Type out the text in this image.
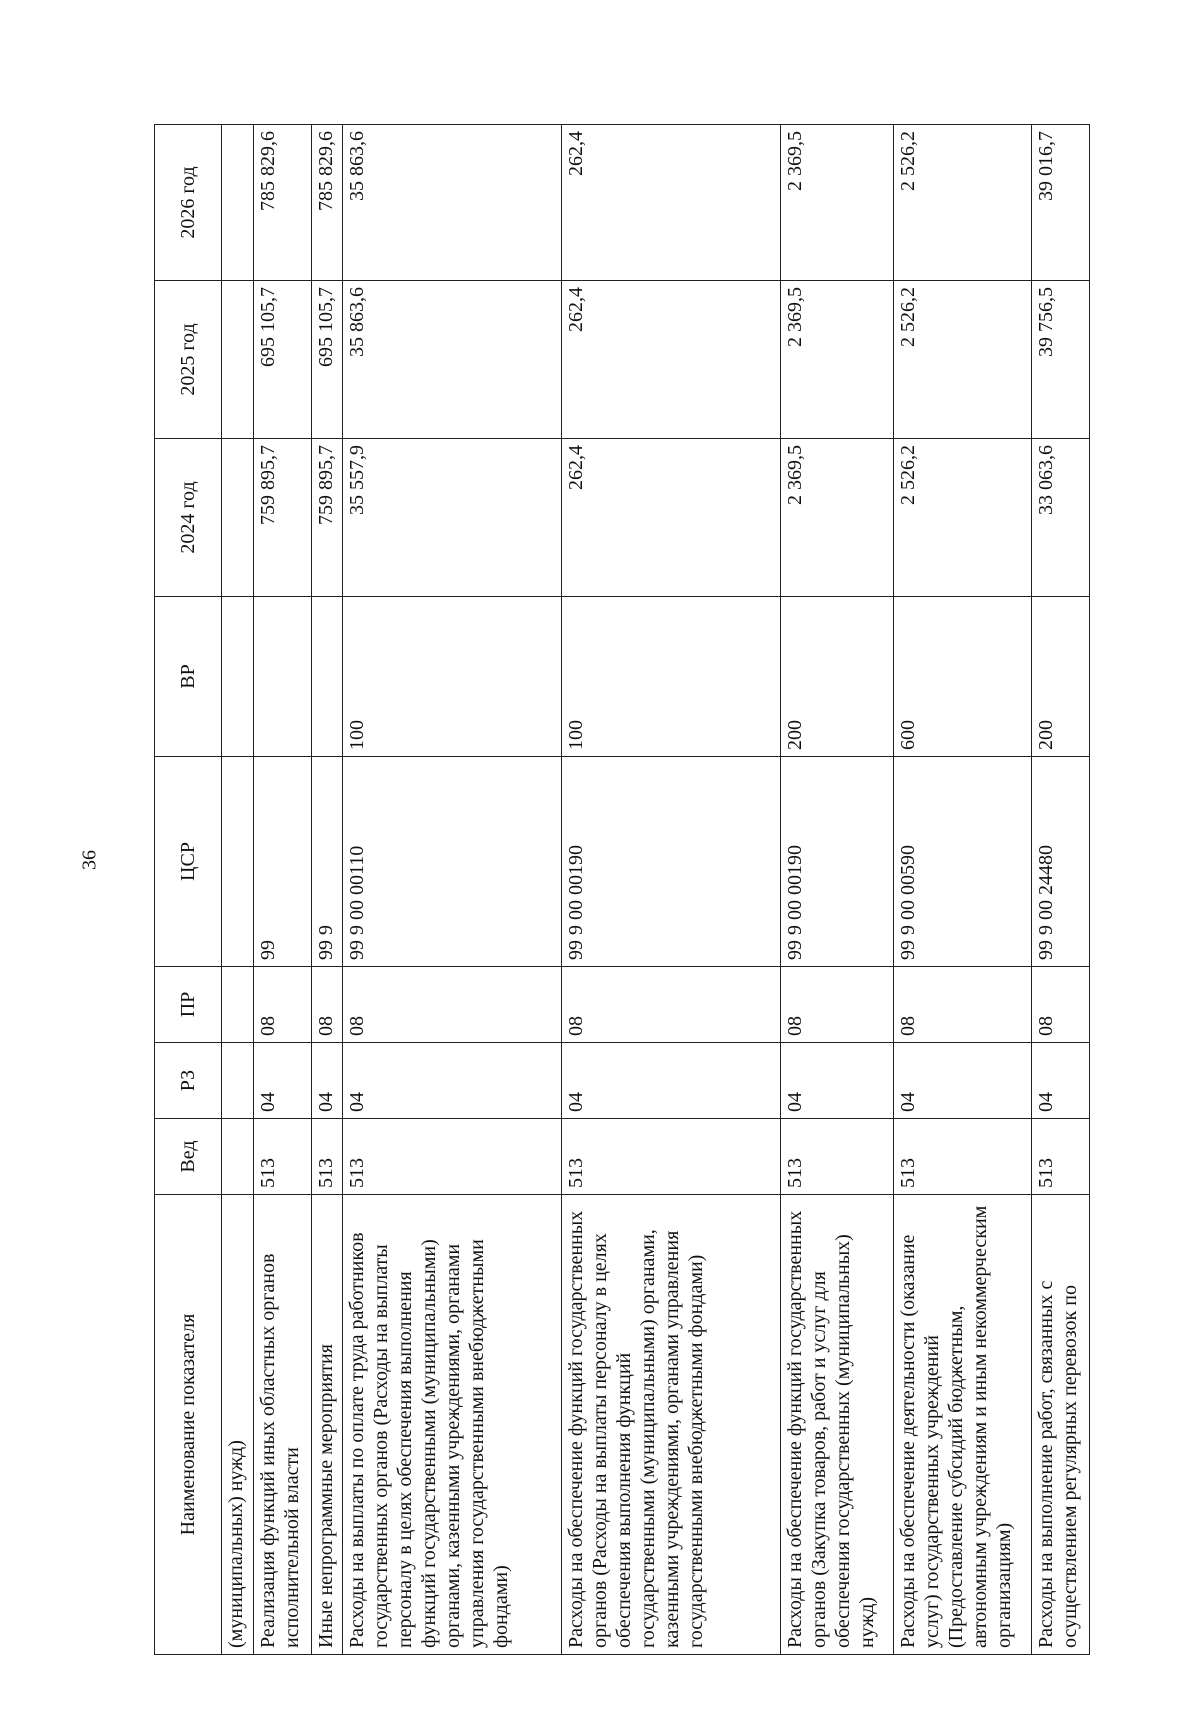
36
Наименование показателя	Вед	РЗ	ПР	ЦСР	ВР	2024 год	2025 год	2026 год
(муниципальных) нужд)								
Реализация функций иных областных органов исполнительной власти	513	04	08	99		759 895,7	695 105,7	785 829,6
Иные непрограммные мероприятия	513	04	08	99 9		759 895,7	695 105,7	785 829,6
Расходы на выплаты по оплате труда работников государственных органов (Расходы на выплаты персоналу в целях обеспечения выполнения функций государственными (муниципальными) органами, казенными учреждениями, органами управления государственными внебюджетными фондами)	513	04	08	99 9 00 00110	100	35 557,9	35 863,6	35 863,6
Расходы на обеспечение функций государственных органов (Расходы на выплаты персоналу в целях обеспечения выполнения функций государственными (муниципальными) органами, казенными учреждениями, органами управления государственными внебюджетными фондами)	513	04	08	99 9 00 00190	100	262,4	262,4	262,4
Расходы на обеспечение функций государственных органов (Закупка товаров, работ и услуг для обеспечения государственных (муниципальных) нужд)	513	04	08	99 9 00 00190	200	2 369,5	2 369,5	2 369,5
Расходы на обеспечение деятельности (оказание услуг) государственных учреждений (Предоставление субсидий бюджетным, автономным учреждениям и иным некоммерческим организациям)	513	04	08	99 9 00 00590	600	2 526,2	2 526,2	2 526,2
Расходы на выполнение работ, связанных с осуществлением регулярных перевозок по	513	04	08	99 9 00 24480	200	33 063,6	39 756,5	39 016,7
